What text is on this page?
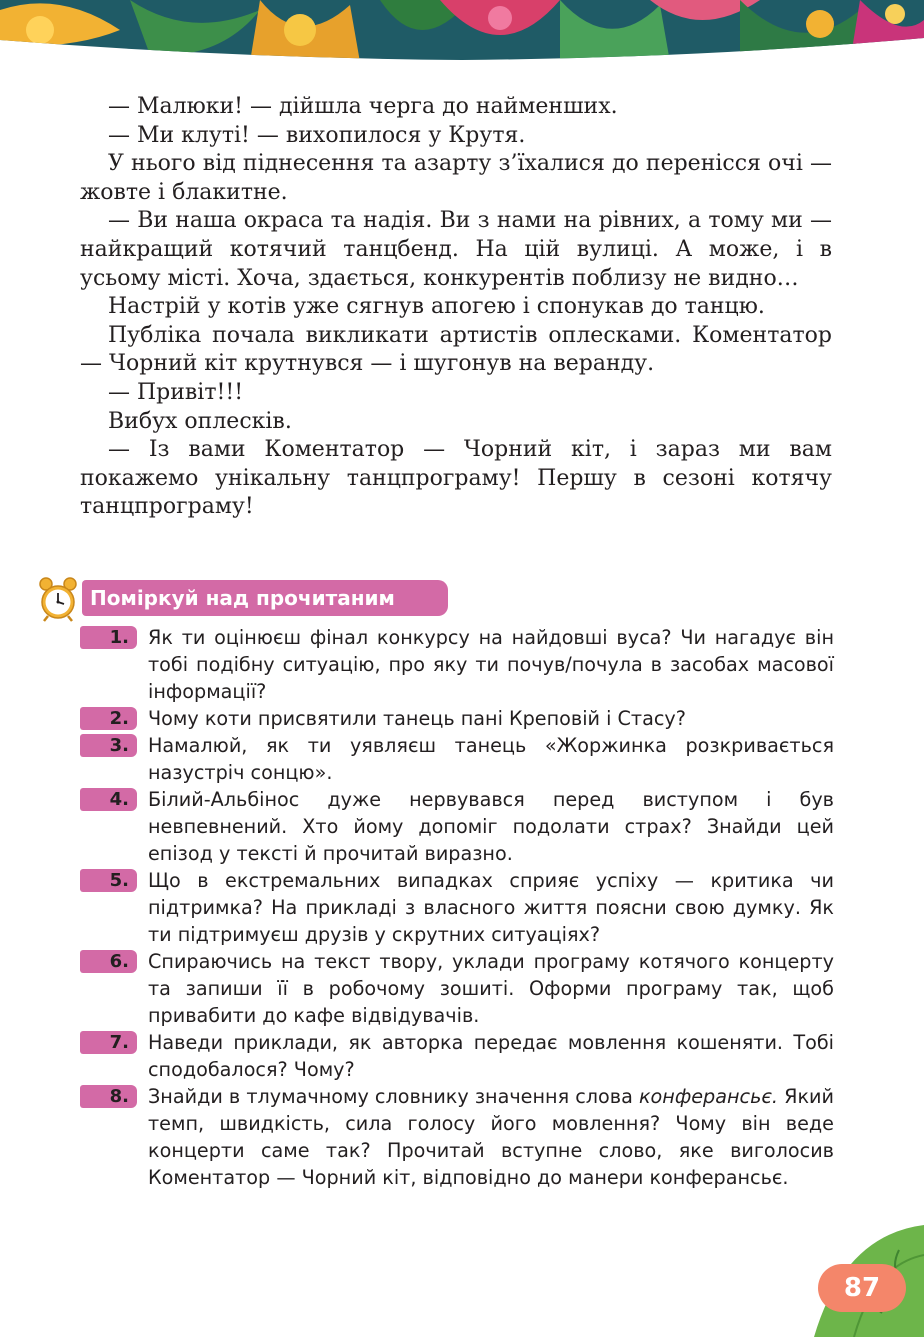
— Малюки! — дійшла черга до найменших.

— Ми клуті! — вихопилося у Крутя.

У нього від піднесення та азарту з’їхалися до перенісся очі — жовте і блакитне.

— Ви наша окраса та надія. Ви з нами на рівних, а тому ми — найкращий котячий танцбенд. На цій вулиці. А може, і в усьому місті. Хоча, здається, конкурентів поблизу не видно…

Настрій у котів уже сягнув апогею і спонукав до танцю.

Публіка почала викликати артистів оплесками. Коментатор — Чорний кіт крутнувся — і шугонув на веранду.

— Привіт!!!

Вибух оплесків.

— Із вами Коментатор — Чорний кіт, і зараз ми вам покажемо унікальну танцпрограму! Першу в сезоні котячу танцпрограму!

Поміркуй над прочитаним
1. Як ти оцінюєш фінал конкурсу на найдовші вуса? Чи нагадує він тобі подібну ситуацію, про яку ти почув/почула в засобах масової інформації?
2. Чому коти присвятили танець пані Креповій і Стасу?
3. Намалюй, як ти уявляєш танець «Жоржинка розкривається назустріч сонцю».
4. Білий-Альбінос дуже нервувався перед виступом і був невпевнений. Хто йому допоміг подолати страх? Знайди цей епізод у тексті й прочитай виразно.
5. Що в екстремальних випадках сприяє успіху — критика чи підтримка? На прикладі з власного життя поясни свою думку. Як ти підтримуєш друзів у скрутних ситуаціях?
6. Спираючись на текст твору, уклади програму котячого концерту та запиши її в робочому зошиті. Оформи програму так, щоб привабити до кафе відвідувачів.
7. Наведи приклади, як авторка передає мовлення кошеняти. Тобі сподобалося? Чому?
8. Знайди в тлумачному словнику значення слова конферансьє. Який темп, швидкість, сила голосу його мовлення? Чому він веде концерти саме так? Прочитай вступне слово, яке виголосив Коментатор — Чорний кіт, відповідно до манери конферансьє.
87
